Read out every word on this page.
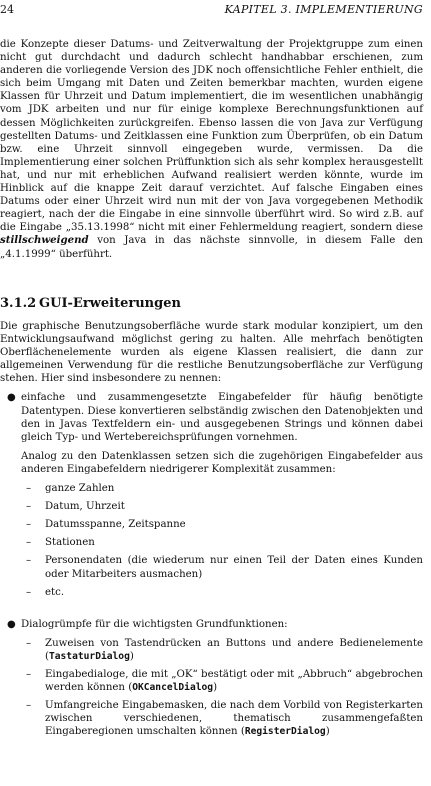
24	KAPITEL 3. IMPLEMENTIERUNG

die Konzepte dieser Datums- und Zeitverwaltung der Projektgruppe zum einen nicht gut durchdacht und dadurch schlecht handhabbar erschienen, zum anderen die vorliegende Version des JDK noch offensichtliche Fehler enthielt, die sich beim Umgang mit Daten und Zeiten bemerkbar machten, wurden eigene Klassen für Uhrzeit und Datum implementiert, die im wesentlichen unabhängig vom JDK arbeiten und nur für einige komplexe Berechnungsfunktionen auf dessen Möglichkeiten zurückgreifen. Ebenso lassen die von Java zur Verfügung gestellten Datums- und Zeitklassen eine Funktion zum Überprüfen, ob ein Datum bzw. eine Uhrzeit sinnvoll eingegeben wurde, vermissen. Da die Implementierung einer solchen Prüffunktion sich als sehr komplex herausgestellt hat, und nur mit erheblichen Aufwand realisiert werden könnte, wurde im Hinblick auf die knappe Zeit darauf verzichtet. Auf falsche Eingaben eines Datums oder einer Uhrzeit wird nun mit der von Java vorgegebenen Methodik reagiert, nach der die Eingabe in eine sinnvolle überführt wird. So wird z.B. auf die Eingabe „35.13.1998“ nicht mit einer Fehlermeldung reagiert, sondern diese stillschweigend von Java in das nächste sinnvolle, in diesem Falle den „4.1.1999“ überführt.

3.1.2 GUI-Erweiterungen

Die graphische Benutzungsoberfläche wurde stark modular konzipiert, um den Entwicklungsaufwand möglichst gering zu halten. Alle mehrfach benötigten Oberflächenelemente wurden als eigene Klassen realisiert, die dann zur allgemeinen Verwendung für die restliche Benutzungsoberfläche zur Verfügung stehen. Hier sind insbesondere zu nennen:

● einfache und zusammengesetzte Eingabefelder für häufig benötigte Datentypen. Diese konvertieren selbständig zwischen den Datenobjekten und den in Javas Textfeldern ein- und ausgegebenen Strings und können dabei gleich Typ- und Wertebereichsprüfungen vornehmen.

Analog zu den Datenklassen setzen sich die zugehörigen Eingabefelder aus anderen Eingabefeldern niedrigerer Komplexität zusammen:

– ganze Zahlen

– Datum, Uhrzeit

– Datumsspanne, Zeitspanne

– Stationen

– Personendaten (die wiederum nur einen Teil der Daten eines Kunden oder Mitarbeiters ausmachen)

– etc.

● Dialogrümpfe für die wichtigsten Grundfunktionen:

– Zuweisen von Tastendrücken an Buttons und andere Bedienelemente (TastaturDialog)

– Eingabedialoge, die mit „OK“ bestätigt oder mit „Abbruch“ abgebrochen werden können (OKCancelDialog)

– Umfangreiche Eingabemasken, die nach dem Vorbild von Registerkarten zwischen verschiedenen, thematisch zusammengefaßten Eingaberegionen umschalten können (RegisterDialog)
